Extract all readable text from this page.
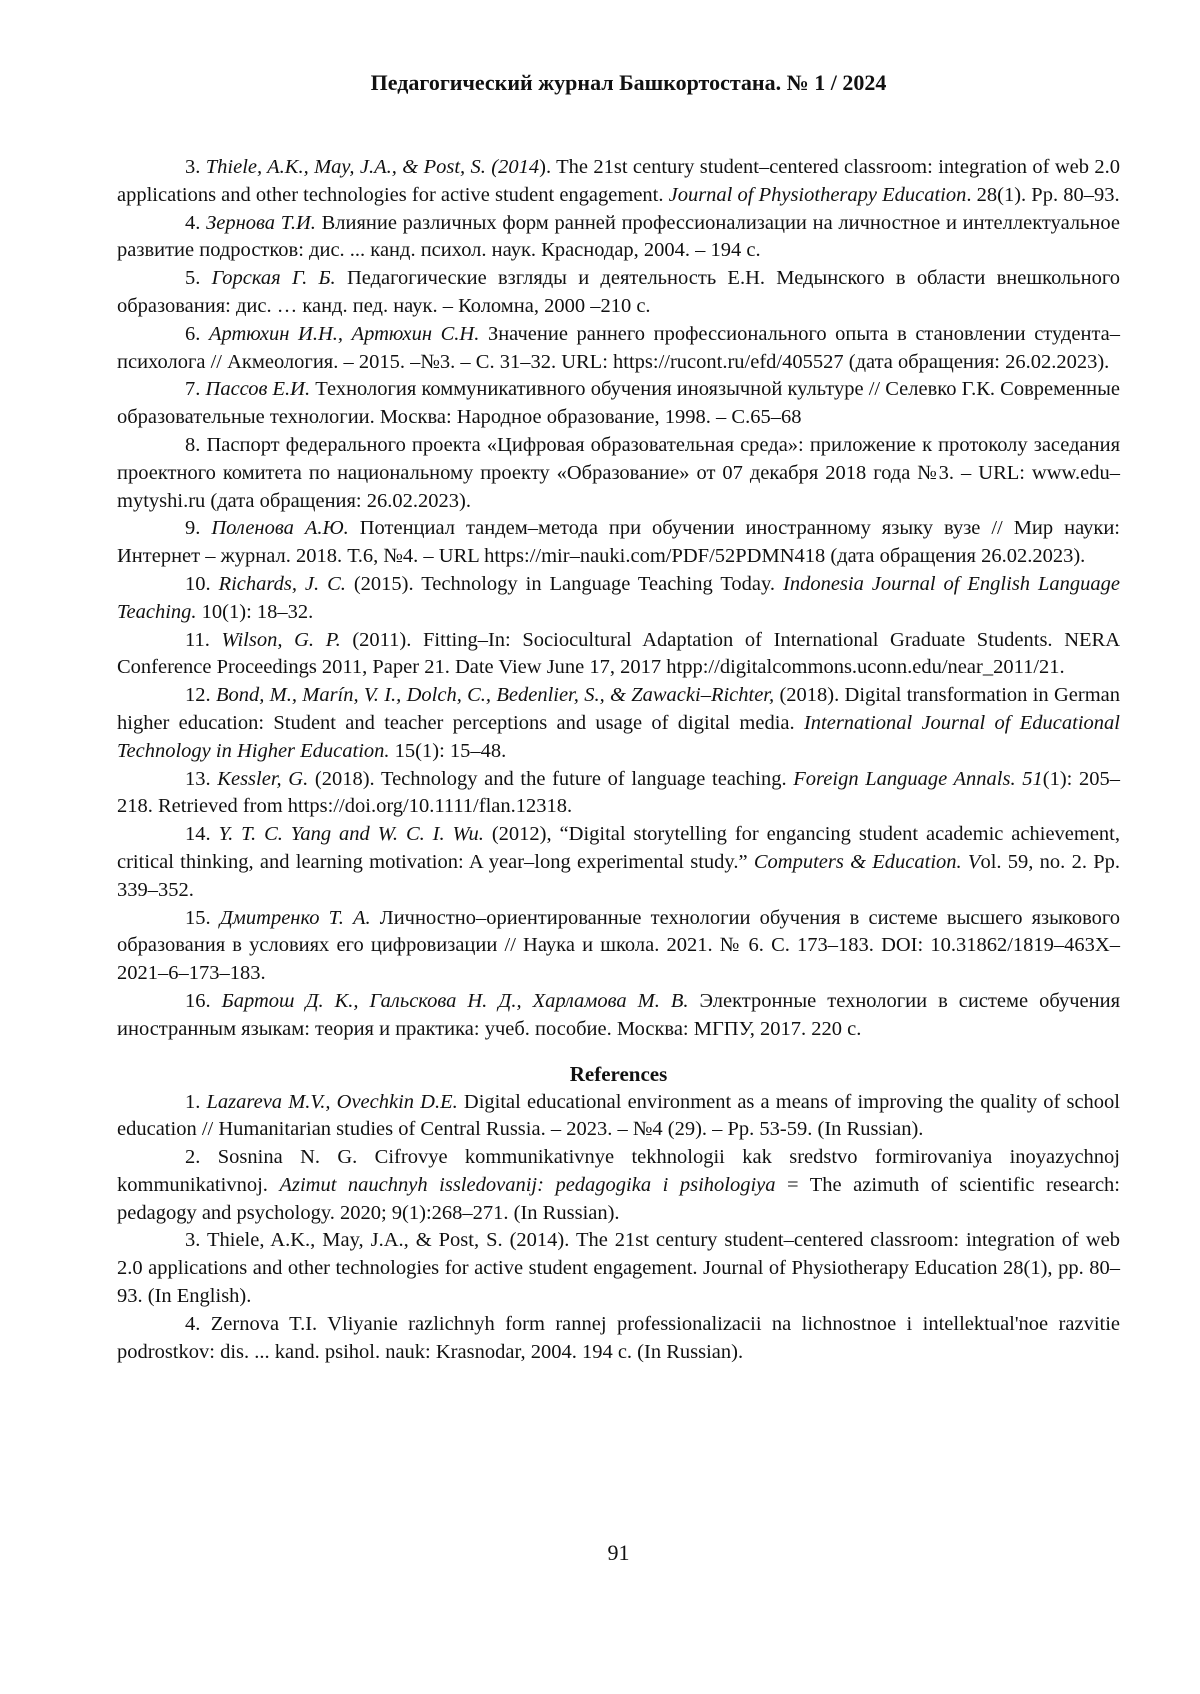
Педагогический журнал Башкортостана. № 1 / 2024

3. Thiele, A.K., May, J.A., & Post, S. (2014). The 21st century student–centered classroom: integration of web 2.0 applications and other technologies for active student engagement. Journal of Physiotherapy Education. 28(1). Pp. 80–93.

4. Зернова Т.И. Влияние различных форм ранней профессионализации на личностное и интеллектуальное развитие подростков: дис. ... канд. психол. наук. Краснодар, 2004. – 194 с.

5. Горская Г. Б. Педагогические взгляды и деятельность Е.Н. Медынского в области внешкольного образования: дис. … канд. пед. наук. – Коломна, 2000 –210 с.

6. Артюхин И.Н., Артюхин С.Н. Значение раннего профессионального опыта в становлении студента–психолога // Акмеология. – 2015. –№3. – С. 31–32. URL: https://rucont.ru/efd/405527 (дата обращения: 26.02.2023).

7. Пассов Е.И. Технология коммуникативного обучения иноязычной культуре // Селевко Г.К. Современные образовательные технологии. Москва: Народное образование, 1998. – С.65–68

8. Паспорт федерального проекта «Цифровая образовательная среда»: приложение к протоколу заседания проектного комитета по национальному проекту «Образование» от 07 декабря 2018 года №3. – URL: www.edu–mytyshi.ru (дата обращения: 26.02.2023).

9. Поленова А.Ю. Потенциал тандем–метода при обучении иностранному языку вузе // Мир науки: Интернет – журнал. 2018. Т.6, №4. – URL https://mir–nauki.com/PDF/52PDMN418 (дата обращения 26.02.2023).

10. Richards, J. C. (2015). Technology in Language Teaching Today. Indonesia Journal of English Language Teaching. 10(1): 18–32.

11. Wilson, G. P. (2011). Fitting–In: Sociocultural Adaptation of International Graduate Students. NERA Conference Proceedings 2011, Paper 21. Date View June 17, 2017 htpp://digitalcommons.uconn.edu/near_2011/21.

12. Bond, M., Marín, V. I., Dolch, C., Bedenlier, S., & Zawacki–Richter, (2018). Digital transformation in German higher education: Student and teacher perceptions and usage of digital media. International Journal of Educational Technology in Higher Education. 15(1): 15–48.

13. Kessler, G. (2018). Technology and the future of language teaching. Foreign Language Annals. 51(1): 205–218. Retrieved from https://doi.org/10.1111/flan.12318.

14. Y. T. C. Yang and W. C. I. Wu. (2012), “Digital storytelling for engancing student academic achievement, critical thinking, and learning motivation: A year–long experimental study.” Computers & Education. Vol. 59, no. 2. Pp. 339–352.

15. Дмитренко Т. А. Личностно–ориентированные технологии обучения в системе высшего языкового образования в условиях его цифровизации // Наука и школа. 2021. № 6. С. 173–183. DOI: 10.31862/1819–463Х–2021–6–173–183.

16. Бартош Д. К., Гальскова Н. Д., Харламова М. В. Электронные технологии в системе обучения иностранным языкам: теория и практика: учеб. пособие. Москва: МГПУ, 2017. 220 с.

References

1. Lazareva M.V., Ovechkin D.E. Digital educational environment as a means of improving the quality of school education // Humanitarian studies of Central Russia. – 2023. – №4 (29). – Pp. 53-59. (In Russian).

2. Sosnina N. G. Cifrovye kommunikativnye tekhnologii kak sredstvo formirovaniya inoyazychnoj kommunikativnoj. Azimut nauchnyh issledovanij: pedagogika i psihologiya = The azimuth of scientific research: pedagogy and psychology. 2020; 9(1):268–271. (In Russian).

3. Thiele, A.K., May, J.A., & Post, S. (2014). The 21st century student–centered classroom: integration of web 2.0 applications and other technologies for active student engagement. Journal of Physiotherapy Education 28(1), pp. 80–93. (In English).

4. Zernova T.I. Vliyanie razlichnyh form rannej professionalizacii na lichnostnoe i intellektual'noe razvitie podrostkov: dis. ... kand. psihol. nauk: Krasnodar, 2004. 194 c. (In Russian).

91
